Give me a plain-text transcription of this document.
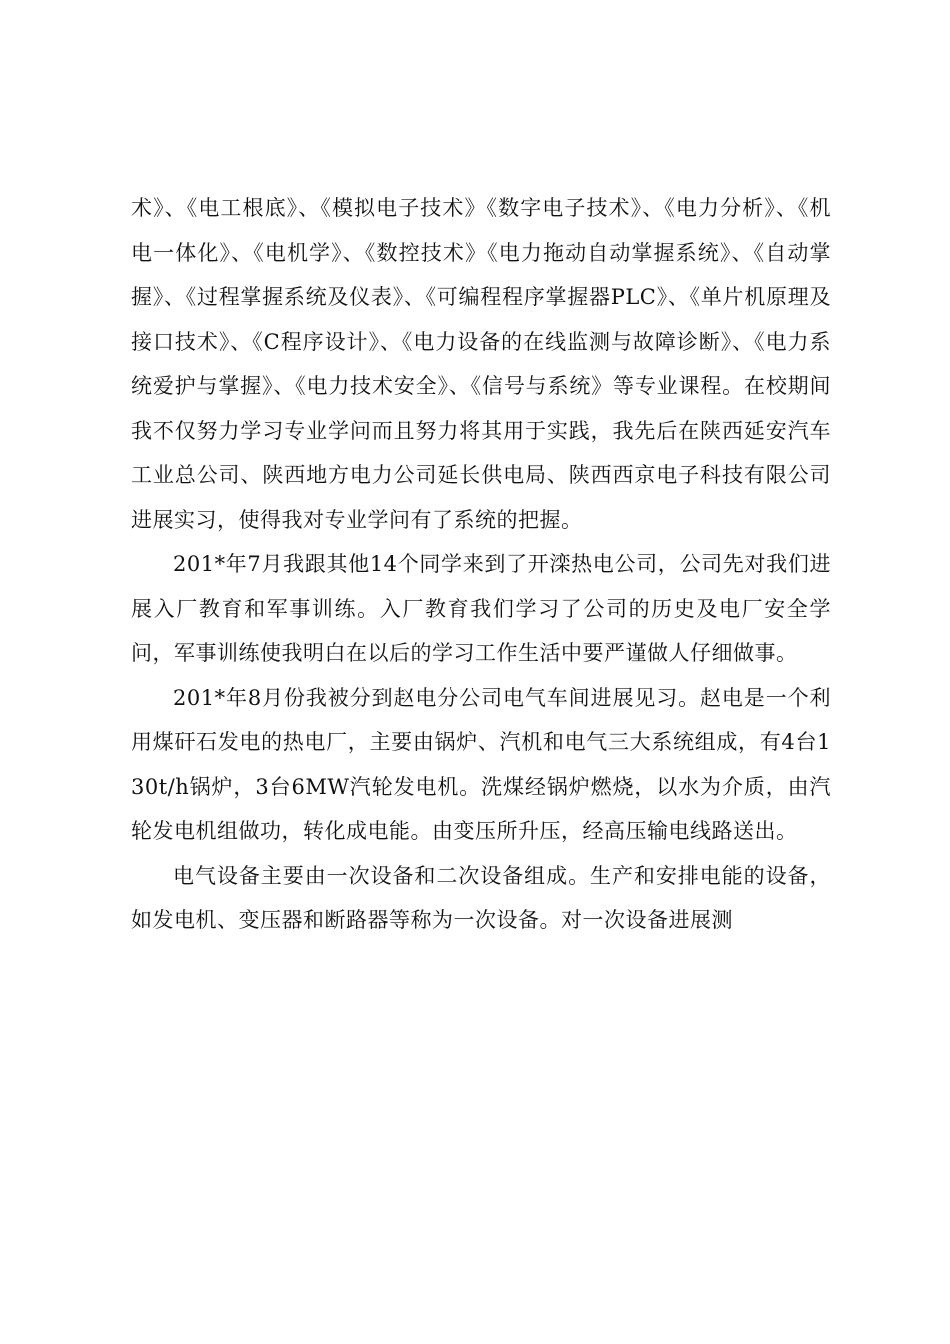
术》、《电工根底》、《模拟电子技术》《数字电子技术》、《电力分析》、《机电一体化》、《电机学》、《数控技术》《电力拖动自动掌握系统》、《自动掌握》、《过程掌握系统及仪表》、《可编程程序掌握器PLC》、《单片机原理及接口技术》、《C程序设计》、《电力设备的在线监测与故障诊断》、《电力系统爱护与掌握》、《电力技术安全》、《信号与系统》等专业课程。在校期间我不仅努力学习专业学问而且努力将其用于实践，我先后在陕西延安汽车工业总公司、陕西地方电力公司延长供电局、陕西西京电子科技有限公司进展实习，使得我对专业学问有了系统的把握。

201*年7月我跟其他14个同学来到了开滦热电公司，公司先对我们进展入厂教育和军事训练。入厂教育我们学习了公司的历史及电厂安全学问，军事训练使我明白在以后的学习工作生活中要严谨做人仔细做事。

201*年8月份我被分到赵电分公司电气车间进展见习。赵电是一个利用煤矸石发电的热电厂，主要由锅炉、汽机和电气三大系统组成，有4台130t/h锅炉，3台6MW汽轮发电机。洗煤经锅炉燃烧，以水为介质，由汽轮发电机组做功，转化成电能。由变压所升压，经高压输电线路送出。

电气设备主要由一次设备和二次设备组成。生产和安排电能的设备，如发电机、变压器和断路器等称为一次设备。对一次设备进展测
